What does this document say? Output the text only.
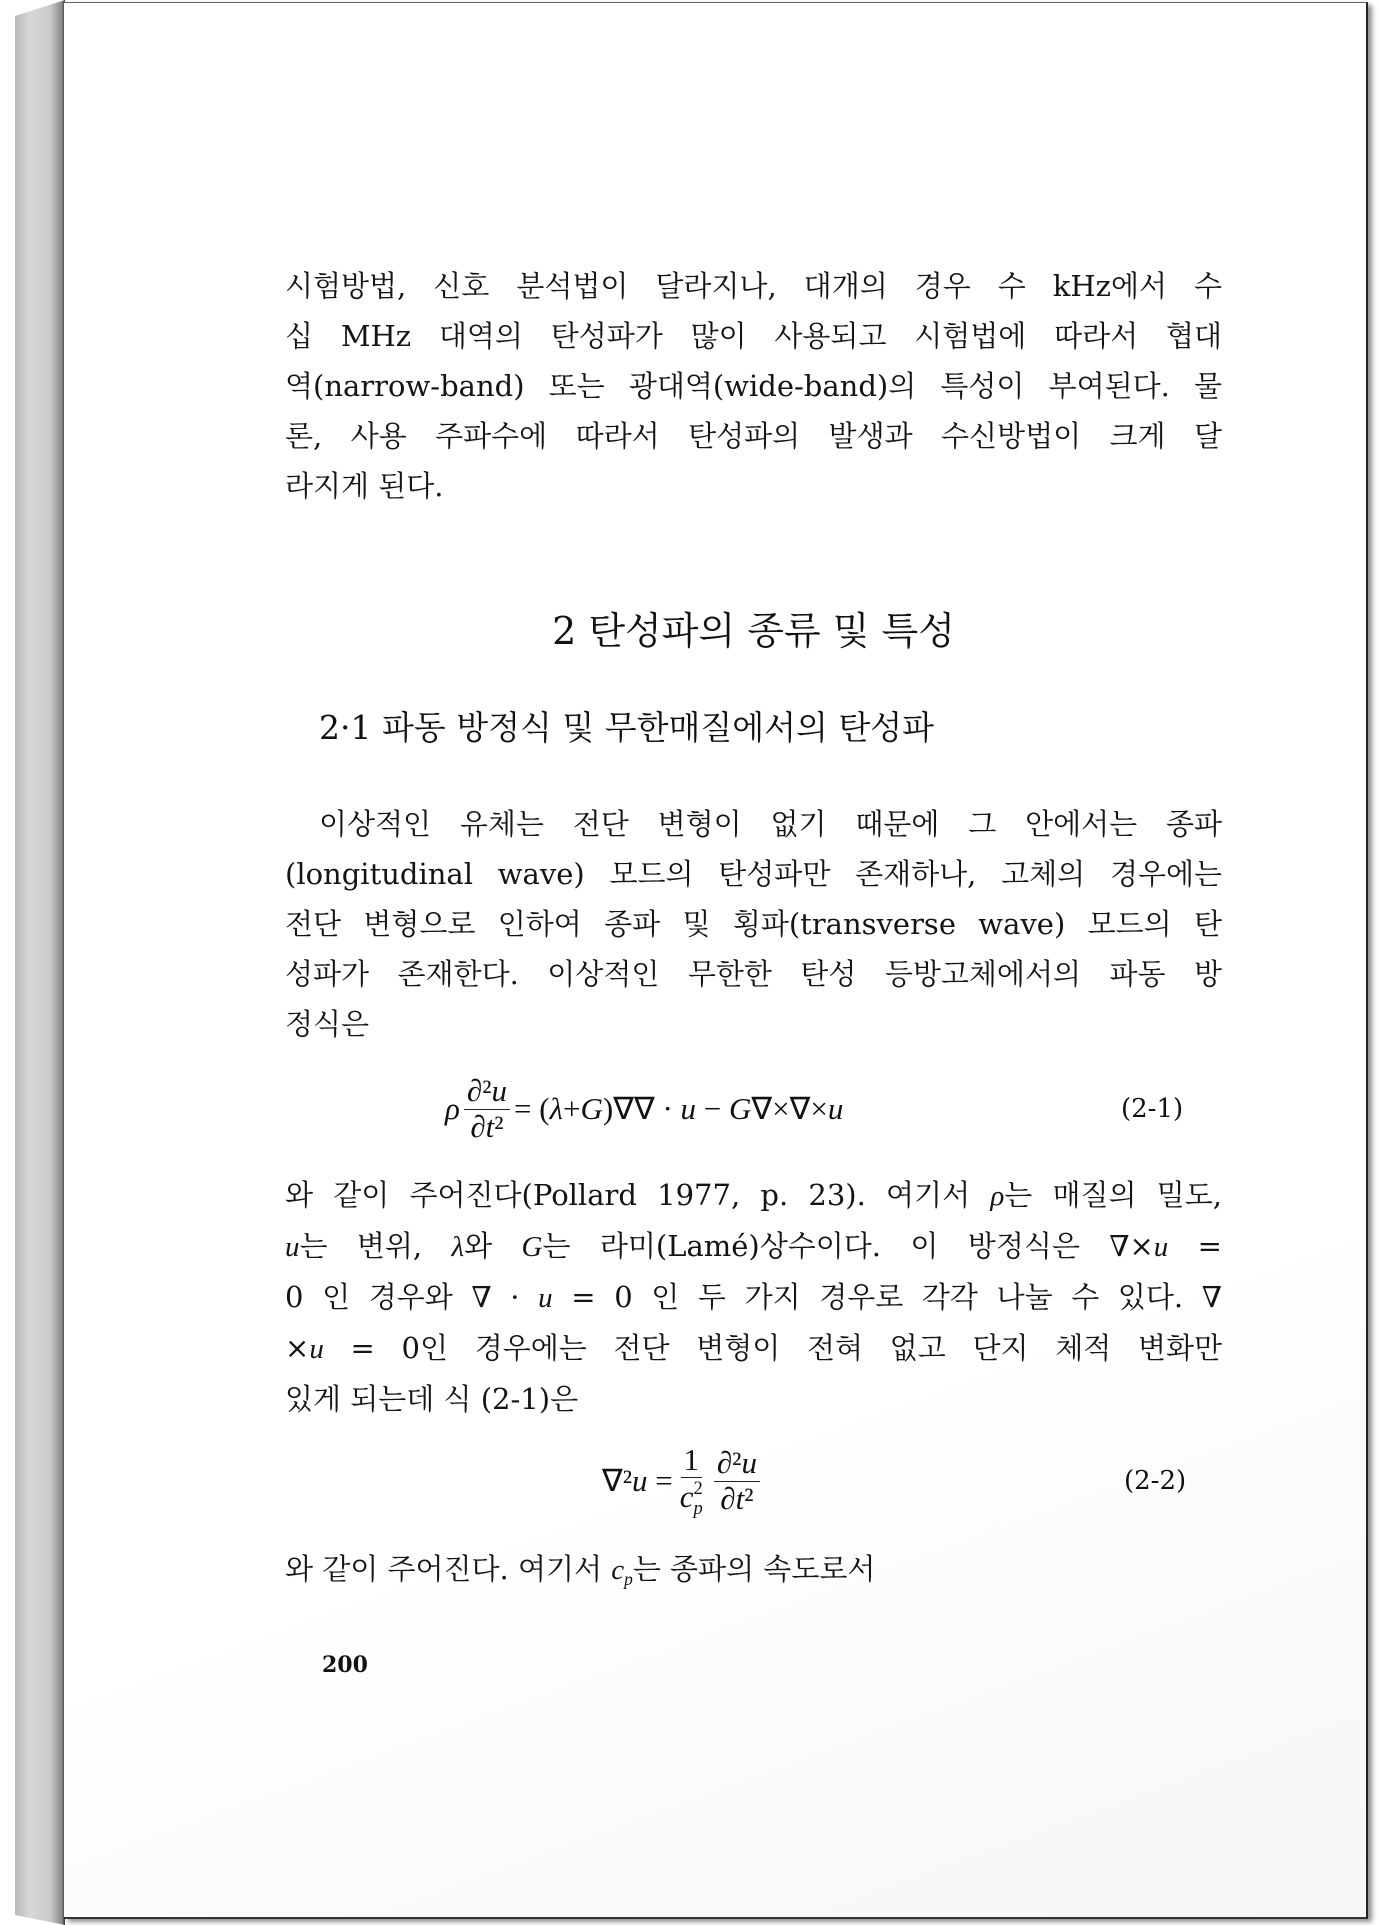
시험방법, 신호 분석법이 달라지나, 대개의 경우 수 kHz에서 수
십 MHz 대역의 탄성파가 많이 사용되고 시험법에 따라서 협대
역(narrow-band) 또는 광대역(wide-band)의 특성이 부여된다. 물
론, 사용 주파수에 따라서 탄성파의 발생과 수신방법이 크게 달
라지게 된다.
2 탄성파의 종류 및 특성
2·1 파동 방정식 및 무한매질에서의 탄성파
이상적인 유체는 전단 변형이 없기 때문에 그 안에서는 종파
(longitudinal wave) 모드의 탄성파만 존재하나, 고체의 경우에는
전단 변형으로 인하여 종파 및 횡파(transverse wave) 모드의 탄
성파가 존재한다. 이상적인 무한한 탄성 등방고체에서의 파동 방
정식은
ρ $\frac{\text{∂²u}}{\text{∂t²}} = (\lambda+G)\nabla\nabla \cdot u - G\nabla\times\nabla\times u$	(2-1)
와 같이 주어진다(Pollard 1977, p. 23). 여기서 ρ는 매질의 밀도,
u는 변위, λ와 G는 라미(Lamé)상수이다. 이 방정식은 ∇×u =
0 인 경우와 ∇ · u = 0 인 두 가지 경우로 각각 나눌 수 있다. ∇
×u = 0인 경우에는 전단 변형이 전혀 없고 단지 체적 변화만
있게 되는데 식 (2-1)은
$\nabla^2u = \frac{1}{c^2_p} \frac{\text{∂²u}}{\text{∂t²}}$	(2-2)
와 같이 주어진다. 여기서 $c_p$는 종파의 속도로서
200
